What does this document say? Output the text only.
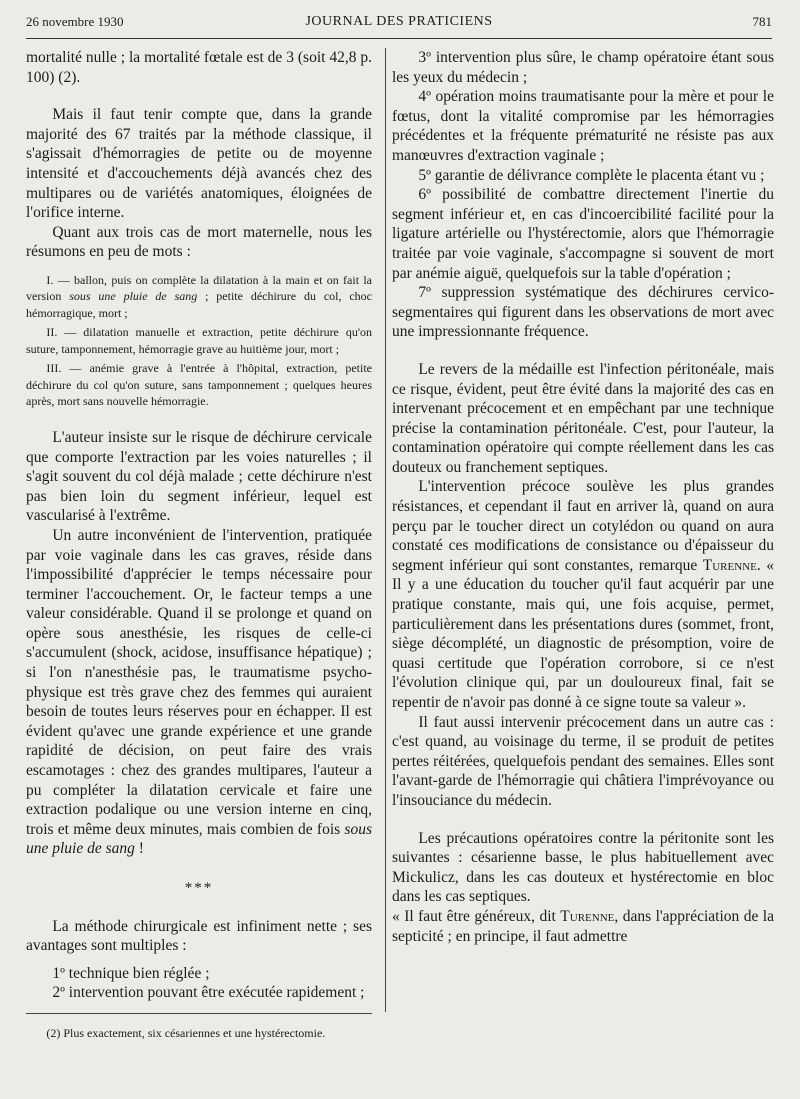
26 novembre 1930	JOURNAL DES PRATICIENS	781

mortalité nulle ; la mortalité fœtale est de 3 (soit 42,8 p. 100) (2).

Mais il faut tenir compte que, dans la grande majorité des 67 traités par la méthode classique, il s'agissait d'hémorragies de petite ou de moyenne intensité et d'accouchements déjà avancés chez des multipares ou de variétés anatomiques, éloignées de l'orifice interne.

Quant aux trois cas de mort maternelle, nous les résumons en peu de mots :

I. — ballon, puis on complète la dilatation à la main et on fait la version sous une pluie de sang ; petite déchirure du col, choc hémorragique, mort ;

II. — dilatation manuelle et extraction, petite déchirure qu'on suture, tamponnement, hémorragie grave au huitième jour, mort ;

III. — anémie grave à l'entrée à l'hôpital, extraction, petite déchirure du col qu'on suture, sans tamponnement ; quelques heures après, mort sans nouvelle hémorragie.

L'auteur insiste sur le risque de déchirure cervicale que comporte l'extraction par les voies naturelles ; il s'agit souvent du col déjà malade ; cette déchirure n'est pas bien loin du segment inférieur, lequel est vascularisé à l'extrême.

Un autre inconvénient de l'intervention, pratiquée par voie vaginale dans les cas graves, réside dans l'impossibilité d'apprécier le temps nécessaire pour terminer l'accouchement. Or, le facteur temps a une valeur considérable. Quand il se prolonge et quand on opère sous anesthésie, les risques de celle-ci s'accumulent (shock, acidose, insuffisance hépatique) ; si l'on n'anesthésie pas, le traumatisme psycho-physique est très grave chez des femmes qui auraient besoin de toutes leurs réserves pour en échapper. Il est évident qu'avec une grande expérience et une grande rapidité de décision, on peut faire des vrais escamotages : chez des grandes multipares, l'auteur a pu compléter la dilatation cervicale et faire une extraction podalique ou une version interne en cinq, trois et même deux minutes, mais combien de fois sous une pluie de sang !

***

La méthode chirurgicale est infiniment nette ; ses avantages sont multiples :

1º technique bien réglée ;

2º intervention pouvant être exécutée rapidement ;

(2) Plus exactement, six césariennes et une hystérectomie.

3º intervention plus sûre, le champ opératoire étant sous les yeux du médecin ;

4º opération moins traumatisante pour la mère et pour le fœtus, dont la vitalité compromise par les hémorragies précédentes et la fréquente prématurité ne résiste pas aux manœuvres d'extraction vaginale ;

5º garantie de délivrance complète le placenta étant vu ;

6º possibilité de combattre directement l'inertie du segment inférieur et, en cas d'incoercibilité facilité pour la ligature artérielle ou l'hystérectomie, alors que l'hémorragie traitée par voie vaginale, s'accompagne si souvent de mort par anémie aiguë, quelquefois sur la table d'opération ;

7º suppression systématique des déchirures cervico-segmentaires qui figurent dans les observations de mort avec une impressionnante fréquence.

Le revers de la médaille est l'infection péritonéale, mais ce risque, évident, peut être évité dans la majorité des cas en intervenant précocement et en empêchant par une technique précise la contamination péritonéale. C'est, pour l'auteur, la contamination opératoire qui compte réellement dans les cas douteux ou franchement septiques.

L'intervention précoce soulève les plus grandes résistances, et cependant il faut en arriver là, quand on aura perçu par le toucher direct un cotylédon ou quand on aura constaté ces modifications de consistance ou d'épaisseur du segment inférieur qui sont constantes, remarque Turenne. « Il y a une éducation du toucher qu'il faut acquérir par une pratique constante, mais qui, une fois acquise, permet, particulièrement dans les présentations dures (sommet, front, siège décomplété, un diagnostic de présomption, voire de quasi certitude que l'opération corrobore, si ce n'est l'évolution clinique qui, par un douloureux final, fait se repentir de n'avoir pas donné à ce signe toute sa valeur ».

Il faut aussi intervenir précocement dans un autre cas : c'est quand, au voisinage du terme, il se produit de petites pertes réitérées, quelquefois pendant des semaines. Elles sont l'avant-garde de l'hémorragie qui châtiera l'imprévoyance ou l'insouciance du médecin.

Les précautions opératoires contre la péritonite sont les suivantes : césarienne basse, le plus habituellement avec Mickulicz, dans les cas douteux et hystérectomie en bloc dans les cas septiques.

« Il faut être généreux, dit Turenne, dans l'appréciation de la septicité ; en principe, il faut admettre
